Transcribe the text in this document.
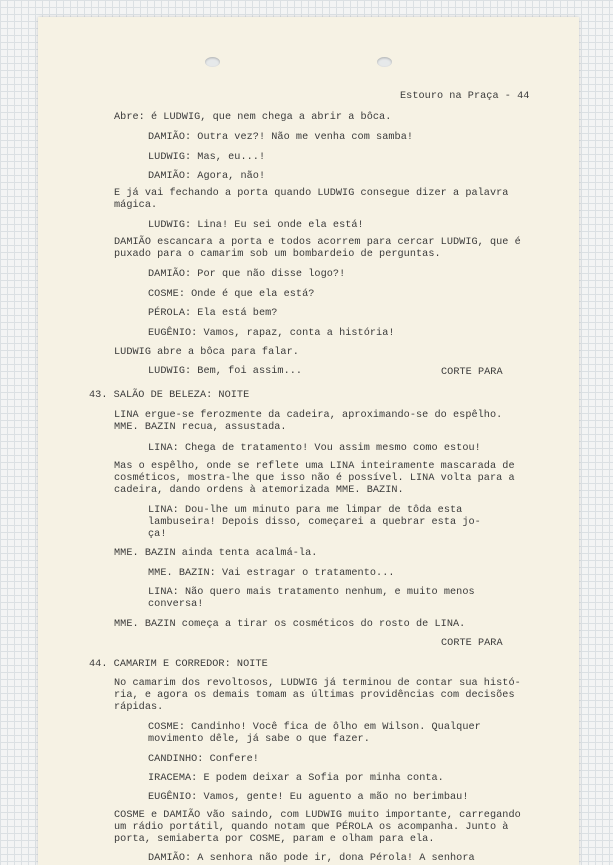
Estouro na Praça - 44
Abre: é LUDWIG, que nem chega a abrir a bôca.
DAMIÃO: Outra vez?! Não me venha com samba!
LUDWIG: Mas, eu...!
DAMIÃO: Agora, não!
E já vai fechando a porta quando LUDWIG consegue dizer a palavra
mágica.
LUDWIG: Lina! Eu sei onde ela está!
DAMIÃO escancara a porta e todos acorrem para cercar LUDWIG, que é
puxado para o camarim sob um bombardeio de perguntas.
DAMIÃO: Por que não disse logo?!
COSME: Onde é que ela está?
PÉROLA: Ela está bem?
EUGÊNIO: Vamos, rapaz, conta a história!
LUDWIG abre a bôca para falar.
LUDWIG: Bem, foi assim...	CORTE PARA
43. SALÃO DE BELEZA: NOITE
LINA ergue-se ferozmente da cadeira, aproximando-se do espêlho.
MME. BAZIN recua, assustada.
LINA: Chega de tratamento! Vou assim mesmo como estou!
Mas o espêlho, onde se reflete uma LINA inteiramente mascarada de
cosméticos, mostra-lhe que isso não é possível. LINA volta para a
cadeira, dando ordens à atemorizada MME. BAZIN.
LINA: Dou-lhe um minuto para me limpar de tôda esta
lambuseira! Depois disso, começarei a quebrar esta jo-
ça!
MME. BAZIN ainda tenta acalmá-la.
MME. BAZIN: Vai estragar o tratamento...
LINA: Não quero mais tratamento nenhum, e muito menos
conversa!
MME. BAZIN começa a tirar os cosméticos do rosto de LINA.
CORTE PARA
44. CAMARIM E CORREDOR: NOITE
No camarim dos revoltosos, LUDWIG já terminou de contar sua histó-
ria, e agora os demais tomam as últimas providências com decisões
rápidas.
COSME: Candinho! Você fica de ôlho em Wilson. Qualquer
movimento dêle, já sabe o que fazer.
CANDINHO: Confere!
IRACEMA: E podem deixar a Sofia por minha conta.
EUGÊNIO: Vamos, gente! Eu aguento a mão no berimbau!
COSME e DAMIÃO vão saindo, com LUDWIG muito importante, carregando
um rádio portátil, quando notam que PÉROLA os acompanha. Junto à
porta, semiaberta por COSME, param e olham para ela.
DAMIÃO: A senhora não pode ir, dona Pérola! A senhora
